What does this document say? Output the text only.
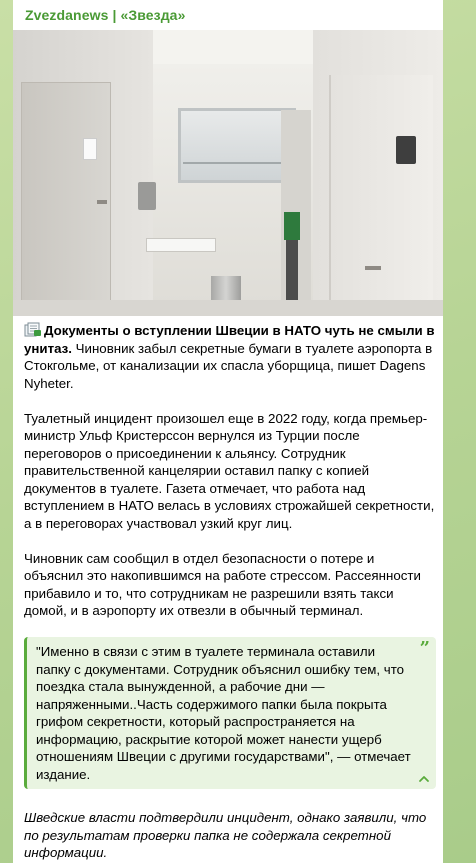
Zvezdanews | «Звезда»

Документы о вступлении Швеции в НАТО чуть не смыли в унитаз. Чиновник забыл секретные бумаги в туалете аэропорта в Стокгольме, от канализации их спасла уборщица, пишет Dagens Nyheter.

Туалетный инцидент произошел еще в 2022 году, когда премьер-министр Ульф Кристерссон вернулся из Турции после переговоров о присоединении к альянсу. Сотрудник правительственной канцелярии оставил папку с копией документов в туалете. Газета отмечает, что работа над вступлением в НАТО велась в условиях строжайшей секретности, а в переговорах участвовал узкий круг лиц.

Чиновник сам сообщил в отдел безопасности о потере и объяснил это накопившимся на работе стрессом. Рассеянности прибавило и то, что сотрудникам не разрешили взять такси домой, и в аэропорту их отвезли в обычный терминал.

"Именно в связи с этим в туалете терминала оставили папку с документами. Сотрудник объяснил ошибку тем, что поездка стала вынужденной, а рабочие дни — напряженными..Часть содержимого папки была покрыта грифом секретности, который распространяется на информацию, раскрытие которой может нанести ущерб отношениям Швеции с другими государствами", — отмечает издание.
”

Шведские власти подтвердили инцидент, однако заявили, что по результатам проверки папка не содержала секретной информации.
